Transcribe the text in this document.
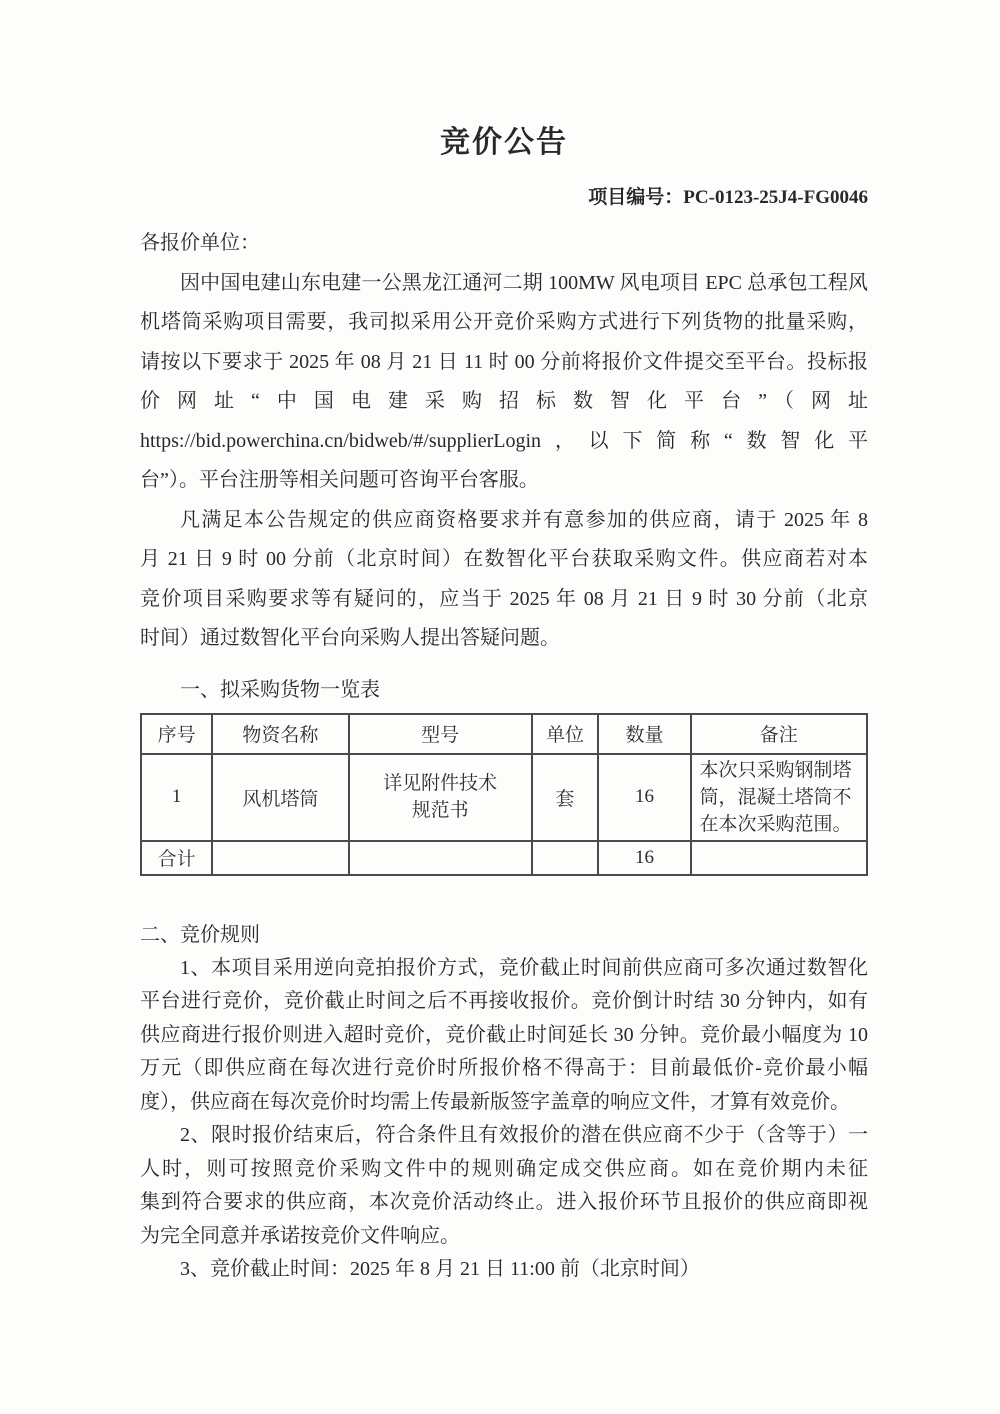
竞价公告
项目编号：PC-0123-25J4-FG0046
各报价单位：
因中国电建山东电建一公黑龙江通河二期 100MW 风电项目 EPC 总承包工程风
机塔筒采购项目需要，我司拟采用公开竞价采购方式进行下列货物的批量采购，
请按以下要求于 2025 年 08 月 21 日 11 时 00 分前将报价文件提交至平台。投标报
价网址“中国电建采购招标数智化平台”（网址
https://bid.powerchina.cn/bidweb/#/supplierLogin，以下简称“数智化平
台”）。平台注册等相关问题可咨询平台客服。
凡满足本公告规定的供应商资格要求并有意参加的供应商，请于 2025 年 8
月 21 日 9 时 00 分前（北京时间）在数智化平台获取采购文件。供应商若对本
竞价项目采购要求等有疑问的，应当于 2025 年 08 月 21 日 9 时 30 分前（北京
时间）通过数智化平台向采购人提出答疑问题。
一、拟采购货物一览表
序号	物资名称	型号	单位	数量	备注
1	风机塔筒	详见附件技术规范书	套	16	本次只采购钢制塔筒，混凝土塔筒不在本次采购范围。

合计				16	
二、竞价规则
1、本项目采用逆向竞拍报价方式，竞价截止时间前供应商可多次通过数智化
平台进行竞价，竞价截止时间之后不再接收报价。竞价倒计时结 30 分钟内，如有
供应商进行报价则进入超时竞价，竞价截止时间延长 30 分钟。竞价最小幅度为 10
万元（即供应商在每次进行竞价时所报价格不得高于：目前最低价-竞价最小幅
度），供应商在每次竞价时均需上传最新版签字盖章的响应文件，才算有效竞价。
2、限时报价结束后，符合条件且有效报价的潜在供应商不少于（含等于）一
人时，则可按照竞价采购文件中的规则确定成交供应商。如在竞价期内未征
集到符合要求的供应商，本次竞价活动终止。进入报价环节且报价的供应商即视
为完全同意并承诺按竞价文件响应。
3、竞价截止时间：2025 年 8 月 21 日 11:00 前（北京时间）
